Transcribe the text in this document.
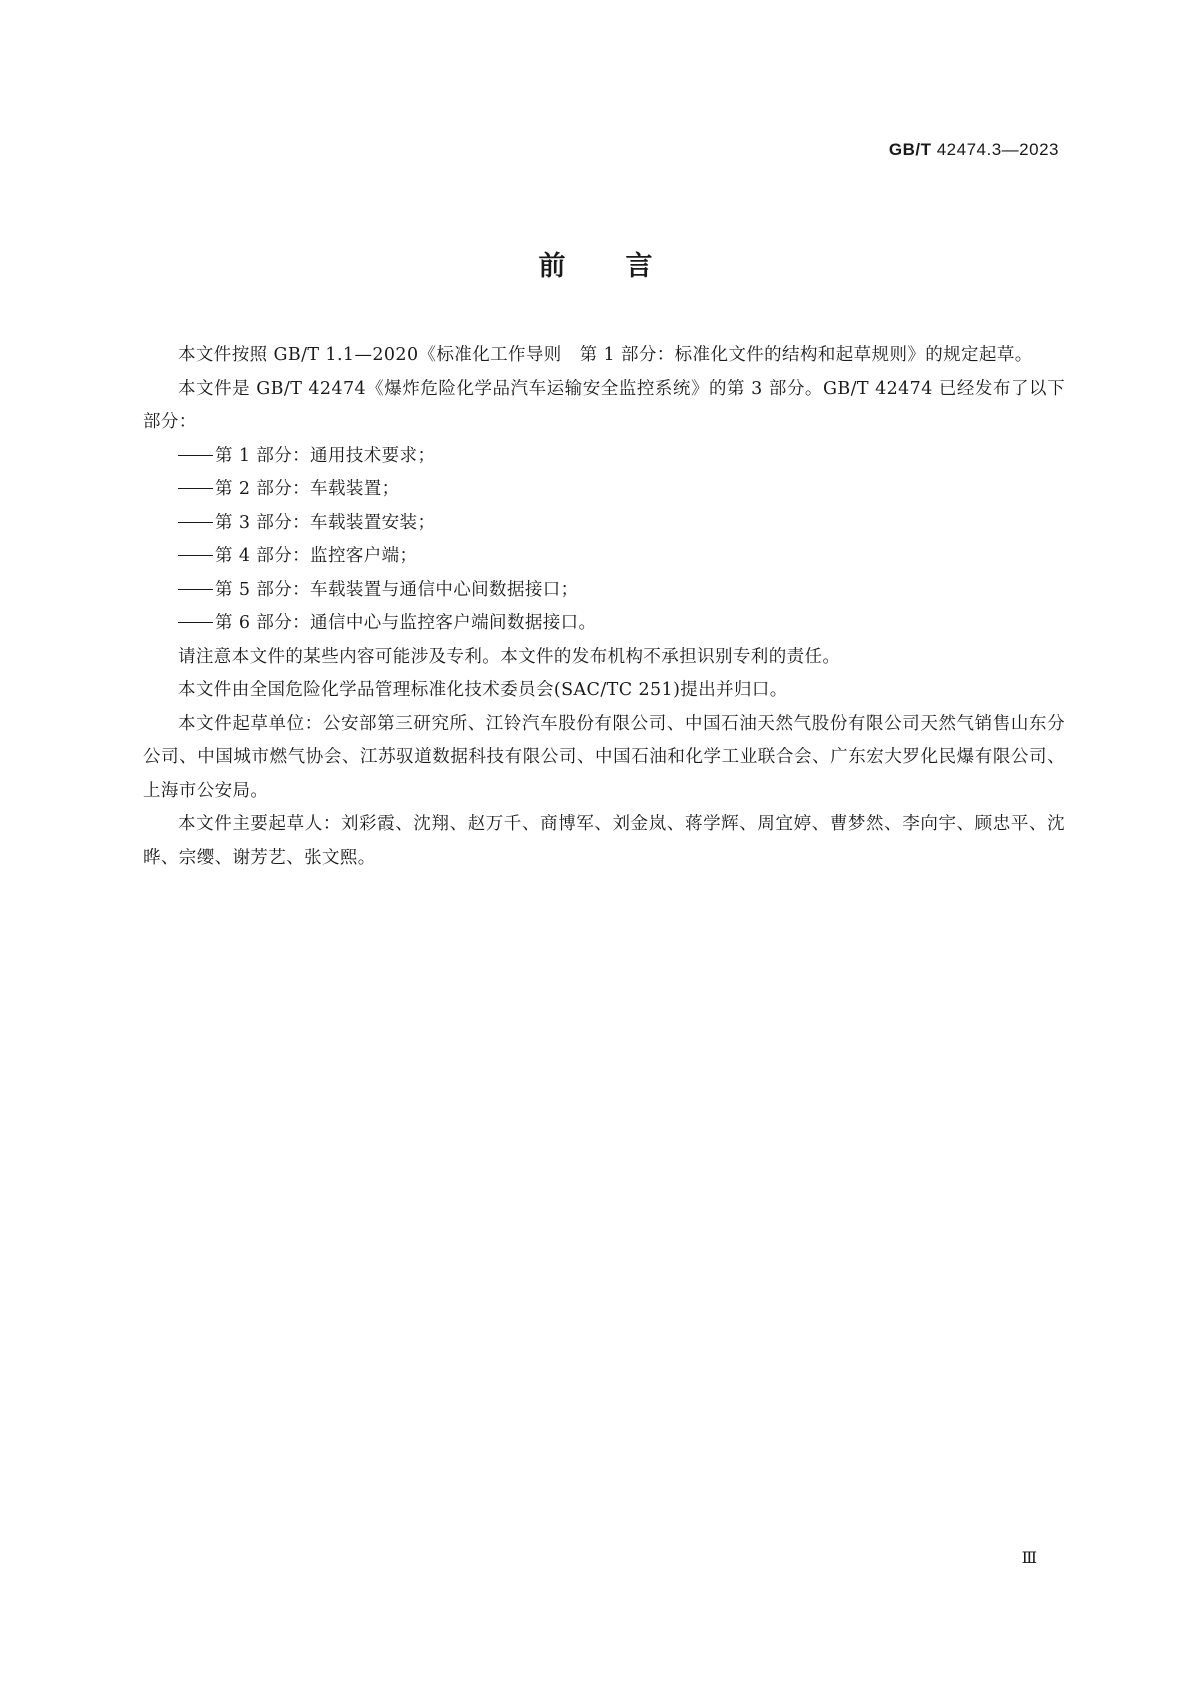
GB/T 42474.3—2023
前言

本文件按照 GB/T 1.1—2020《标准化工作导则　第 1 部分：标准化文件的结构和起草规则》的规定起草。

本文件是 GB/T 42474《爆炸危险化学品汽车运输安全监控系统》的第 3 部分。GB/T 42474 已经发布了以下部分：

第 1 部分：通用技术要求；
第 2 部分：车载装置；
第 3 部分：车载装置安装；
第 4 部分：监控客户端；
第 5 部分：车载装置与通信中心间数据接口；
第 6 部分：通信中心与监控客户端间数据接口。

请注意本文件的某些内容可能涉及专利。本文件的发布机构不承担识别专利的责任。

本文件由全国危险化学品管理标准化技术委员会(SAC/TC 251)提出并归口。

本文件起草单位：公安部第三研究所、江铃汽车股份有限公司、中国石油天然气股份有限公司天然气销售山东分公司、中国城市燃气协会、江苏驭道数据科技有限公司、中国石油和化学工业联合会、广东宏大罗化民爆有限公司、上海市公安局。

本文件主要起草人：刘彩霞、沈翔、赵万千、商博军、刘金岚、蒋学辉、周宜婷、曹梦然、李向宇、顾忠平、沈晔、宗缨、谢芳艺、张文熙。

Ⅲ
